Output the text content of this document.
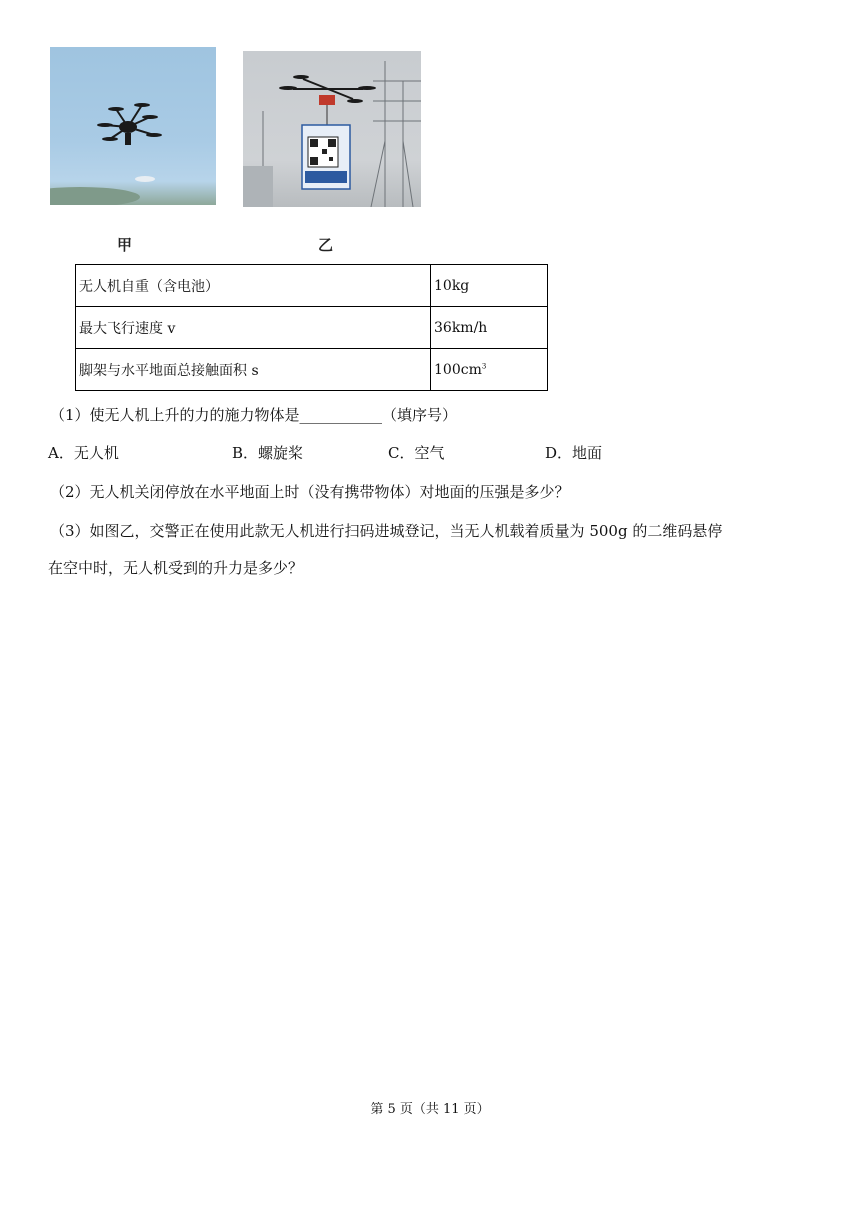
甲	乙
无人机自重（含电池）	10kg
最大飞行速度 v	36km/h
脚架与水平地面总接触面积 s	$100cm^3$
（1）使无人机上升的力的施力物体是___________（填序号）
A．无人机	B．螺旋桨	C．空气	D．地面
（2）无人机关闭停放在水平地面上时（没有携带物体）对地面的压强是多少？
（3）如图乙，交警正在使用此款无人机进行扫码进城登记，当无人机载着质量为 500g 的二维码悬停
在空中时，无人机受到的升力是多少？
第 5 页（共 11 页）
